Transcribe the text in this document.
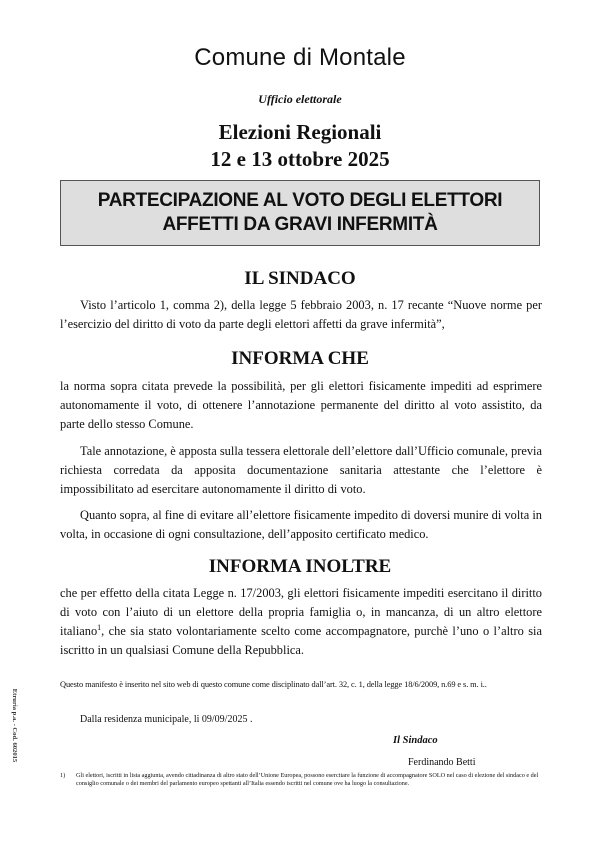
Comune di Montale
Ufficio elettorale
Elezioni Regionali
12 e 13 ottobre 2025
PARTECIPAZIONE AL VOTO DEGLI ELETTORI
AFFETTI DA GRAVI INFERMITÀ
IL SINDACO

Visto l’articolo 1, comma 2), della legge 5 febbraio 2003, n. 17 recante “Nuove norme per l’esercizio del diritto di voto da parte degli elettori affetti da grave infermità”,

INFORMA CHE

la norma sopra citata prevede la possibilità, per gli elettori fisicamente impediti ad esprimere autonomamente il voto, di ottenere l’annotazione permanente del diritto al voto assistito, da parte dello stesso Comune.

Tale annotazione, è apposta sulla tessera elettorale dell’elettore dall’Ufficio comunale, previa richiesta corredata da apposita documentazione sanitaria attestante che l’elettore è impossibilitato ad esercitare autonomamente il diritto di voto.

Quanto sopra, al fine di evitare all’elettore fisicamente impedito di doversi munire di volta in volta, in occasione di ogni consultazione, dell’apposito certificato medico.

INFORMA INOLTRE

che per effetto della citata Legge n. 17/2003, gli elettori fisicamente impediti esercitano il diritto di voto con l’aiuto di un elettore della propria famiglia o, in mancanza, di un altro elettore italiano$^1$, che sia stato volontariamente scelto come accompagnatore, purchè l’uno o l’altro sia iscritto in un qualsiasi Comune della Repubblica.

Questo manifesto è inserito nel sito web di questo comune come disciplinato dall’art. 32, c. 1, della legge 18/6/2009, n.69 e s. m. i..
Dalla residenza municipale, li 09/09/2025 .
Il Sindaco
Ferdinando Betti
1)	Gli elettori, iscritti in lista aggiunta, avendo cittadinanza di altro stato dell’Unione Europea, possono esercitare la funzione di accompagnatore SOLO nel caso di elezione del sindaco e del consiglio comunale o dei membri del parlamento europeo spettanti all’Italia essendo iscritti nel comune ove ha luogo la consultazione.
Etruria p.a. - Cod. 602015
